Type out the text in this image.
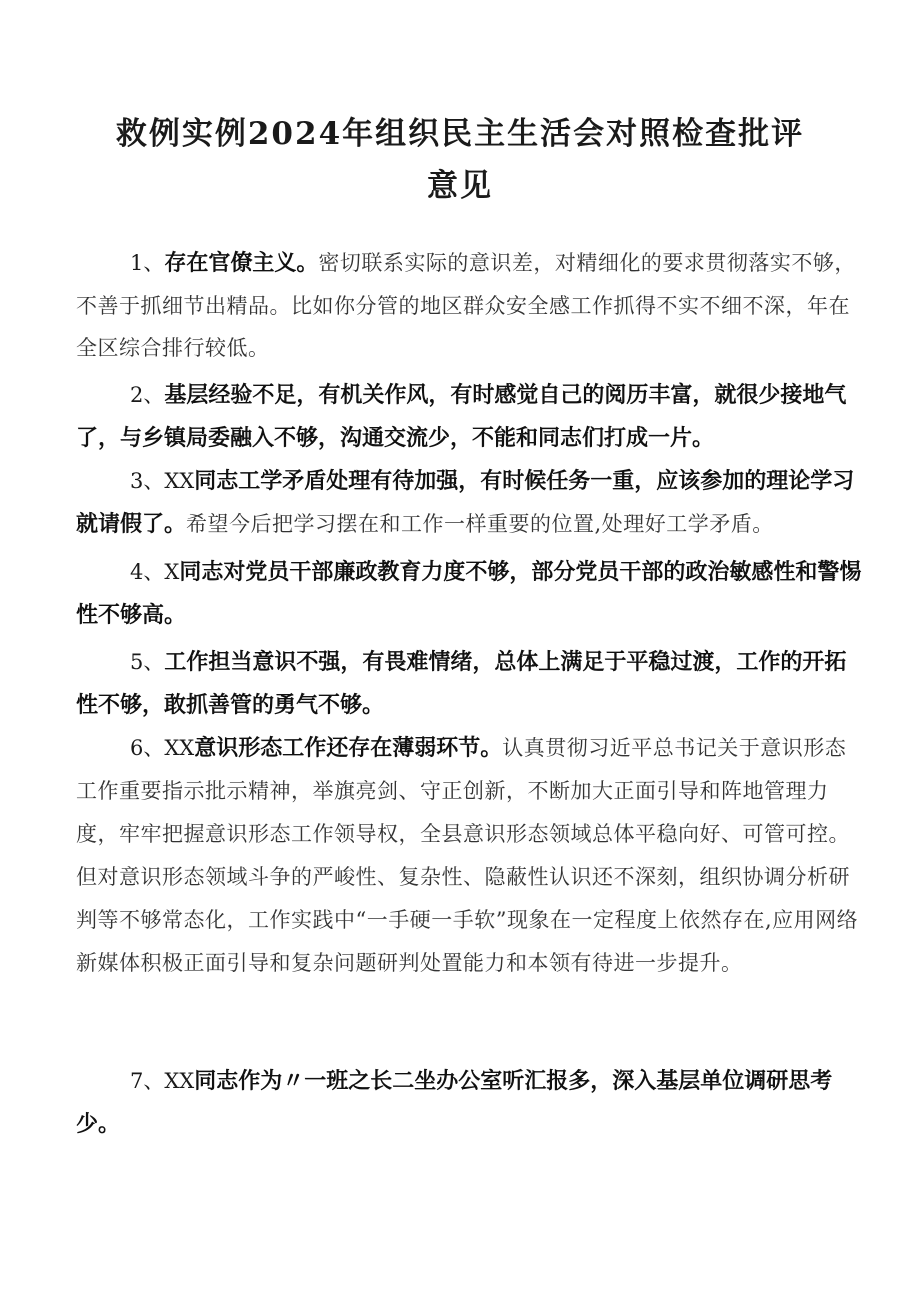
救例实例2024年组织民主生活会对照检查批评意见

1、存在官僚主义。密切联系实际的意识差，对精细化的要求贯彻落实不够，不善于抓细节出精品。比如你分管的地区群众安全感工作抓得不实不细不深，年在全区综合排行较低。

2、基层经验不足，有机关作风，有时感觉自己的阅历丰富，就很少接地气了，与乡镇局委融入不够，沟通交流少，不能和同志们打成一片。

3、XX同志工学矛盾处理有待加强，有时候任务一重，应该参加的理论学习就请假了。希望今后把学习摆在和工作一样重要的位置,处理好工学矛盾。

4、X同志对党员干部廉政教育力度不够，部分党员干部的政治敏感性和警惕性不够高。

5、工作担当意识不强，有畏难情绪，总体上满足于平稳过渡，工作的开拓性不够，敢抓善管的勇气不够。

6、XX意识形态工作还存在薄弱环节。认真贯彻习近平总书记关于意识形态工作重要指示批示精神，举旗亮剑、守正创新，不断加大正面引导和阵地管理力度，牢牢把握意识形态工作领导权，全县意识形态领域总体平稳向好、可管可控。但对意识形态领域斗争的严峻性、复杂性、隐蔽性认识还不深刻，组织协调分析研判等不够常态化，工作实践中“一手硬一手软”现象在一定程度上依然存在,应用网络新媒体积极正面引导和复杂问题研判处置能力和本领有待进一步提升。

7、XX同志作为〃一班之长二坐办公室听汇报多，深入基层单位调研思考少。
